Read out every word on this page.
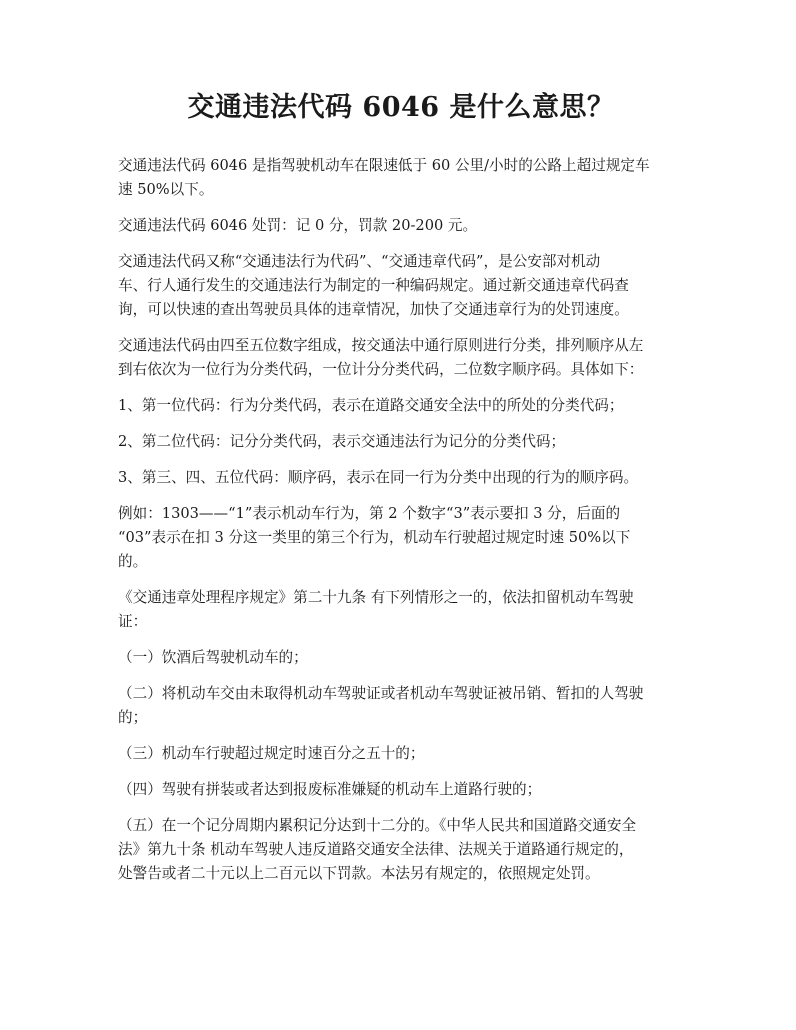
交通违法代码 6046 是什么意思？

交通违法代码 6046 是指驾驶机动车在限速低于 60 公里/小时的公路上超过规定车
速 50%以下。

交通违法代码 6046 处罚：记 0 分，罚款 20-200 元。

交通违法代码又称“交通违法行为代码”、“交通违章代码”，是公安部对机动
车、行人通行发生的交通违法行为制定的一种编码规定。通过新交通违章代码查
询，可以快速的查出驾驶员具体的违章情况，加快了交通违章行为的处罚速度。

交通违法代码由四至五位数字组成，按交通法中通行原则进行分类，排列顺序从左
到右依次为一位行为分类代码，一位计分分类代码，二位数字顺序码。具体如下：

1、第一位代码：行为分类代码，表示在道路交通安全法中的所处的分类代码；

2、第二位代码：记分分类代码，表示交通违法行为记分的分类代码；

3、第三、四、五位代码：顺序码，表示在同一行为分类中出现的行为的顺序码。

例如：1303——“1”表示机动车行为，第 2 个数字“3”表示要扣 3 分，后面的
“03”表示在扣 3 分这一类里的第三个行为，机动车行驶超过规定时速 50%以下
的。

《交通违章处理程序规定》第二十九条 有下列情形之一的，依法扣留机动车驾驶
证：

（一）饮酒后驾驶机动车的；

（二）将机动车交由未取得机动车驾驶证或者机动车驾驶证被吊销、暂扣的人驾驶
的；

（三）机动车行驶超过规定时速百分之五十的；

（四）驾驶有拼装或者达到报废标准嫌疑的机动车上道路行驶的；

（五）在一个记分周期内累积记分达到十二分的。《中华人民共和国道路交通安全
法》第九十条 机动车驾驶人违反道路交通安全法律、法规关于道路通行规定的，
处警告或者二十元以上二百元以下罚款。本法另有规定的，依照规定处罚。
